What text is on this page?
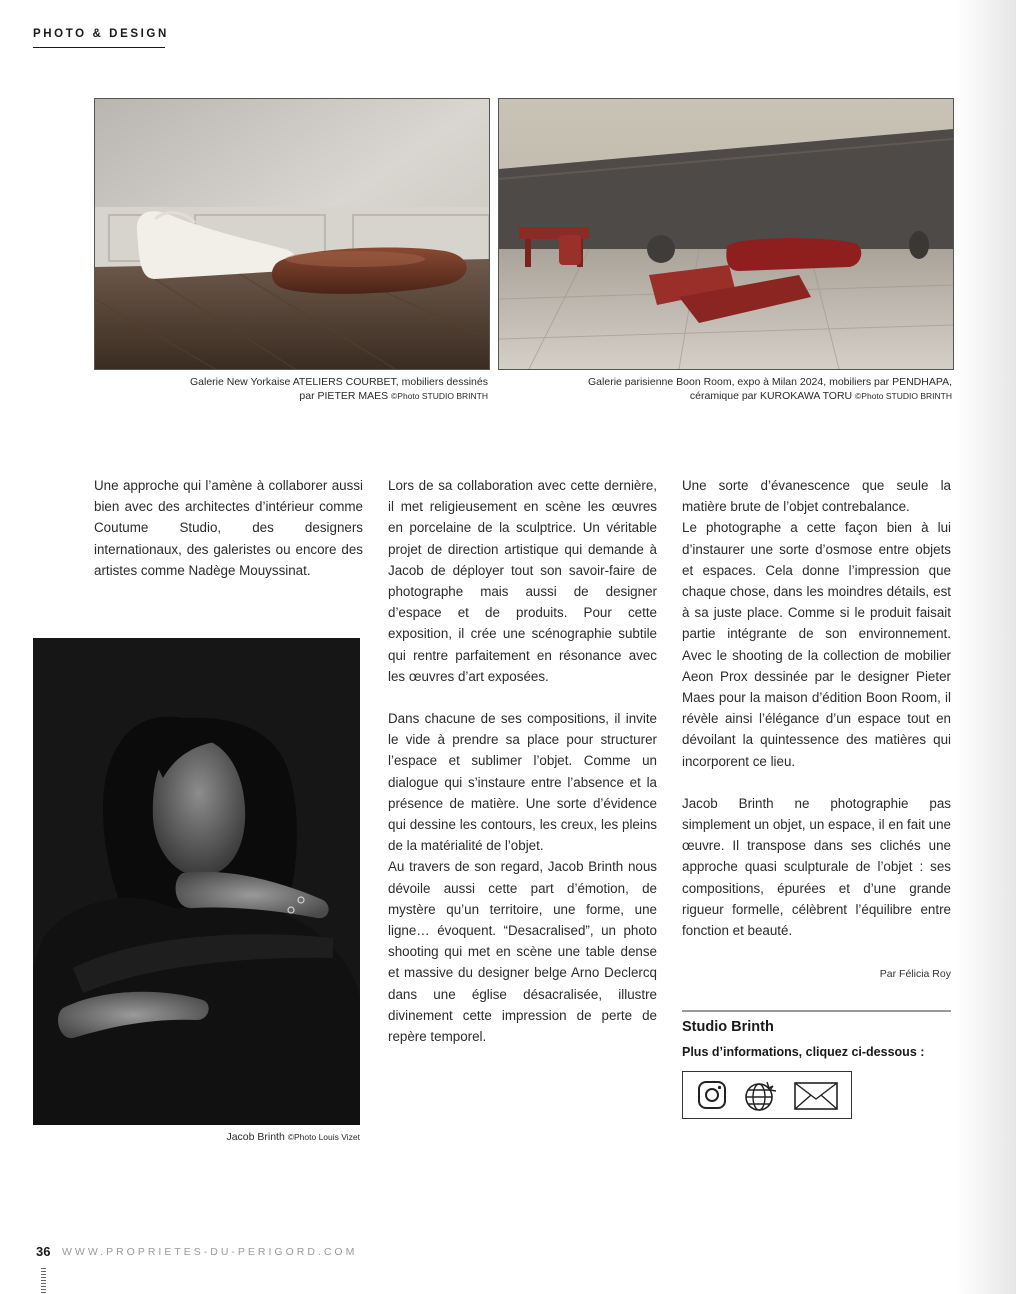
PHOTO & DESIGN
Galerie New Yorkaise ATELIERS COURBET, mobiliers dessinés
par PIETER MAES ©Photo STUDIO BRINTH
Galerie parisienne Boon Room, expo à Milan 2024, mobiliers par PENDHAPA,
céramique par KUROKAWA TORU ©Photo STUDIO BRINTH

Une approche qui l’amène à collaborer aussi bien avec des architectes d’intérieur comme Coutume Studio, des designers internationaux, des galeristes ou encore des artistes comme Nadège Mouyssinat.

Lors de sa collaboration avec cette dernière, il met religieusement en scène les œuvres en porcelaine de la sculptrice. Un véritable projet de direction artistique qui demande à Jacob de déployer tout son savoir-faire de photographe mais aussi de designer d’espace et de produits. Pour cette exposition, il crée une scénographie subtile qui rentre parfaitement en résonance avec les œuvres d’art exposées.

Dans chacune de ses compositions, il invite le vide à prendre sa place pour structurer l’espace et sublimer l’objet. Comme un dialogue qui s’instaure entre l’absence et la présence de matière. Une sorte d’évidence qui dessine les contours, les creux, les pleins de la matérialité de l’objet.

Au travers de son regard, Jacob Brinth nous dévoile aussi cette part d’émotion, de mystère qu’un territoire, une forme, une ligne… évoquent. “Desacralised”, un photo shooting qui met en scène une table dense et massive du designer belge Arno Declercq dans une église désacralisée, illustre divinement cette impression de perte de repère temporel.

Une sorte d’évanescence que seule la matière brute de l’objet contrebalance.

Le photographe a cette façon bien à lui d’instaurer une sorte d’osmose entre objets et espaces. Cela donne l’impression que chaque chose, dans les moindres détails, est à sa juste place. Comme si le produit faisait partie intégrante de son environnement. Avec le shooting de la collection de mobilier Aeon Prox dessinée par le designer Pieter Maes pour la maison d’édition Boon Room, il révèle ainsi l’élégance d’un espace tout en dévoilant la quintessence des matières qui incorporent ce lieu.

Jacob Brinth ne photographie pas simplement un objet, un espace, il en fait une œuvre. Il transpose dans ses clichés une approche quasi sculpturale de l’objet : ses compositions, épurées et d’une grande rigueur formelle, célèbrent l’équilibre entre fonction et beauté.

Par Félicia Roy
Studio Brinth
Plus d’informations, cliquez ci-dessous :
Jacob Brinth ©Photo Louis Vizet
36 WWW.PROPRIETES-DU-PERIGORD.COM
